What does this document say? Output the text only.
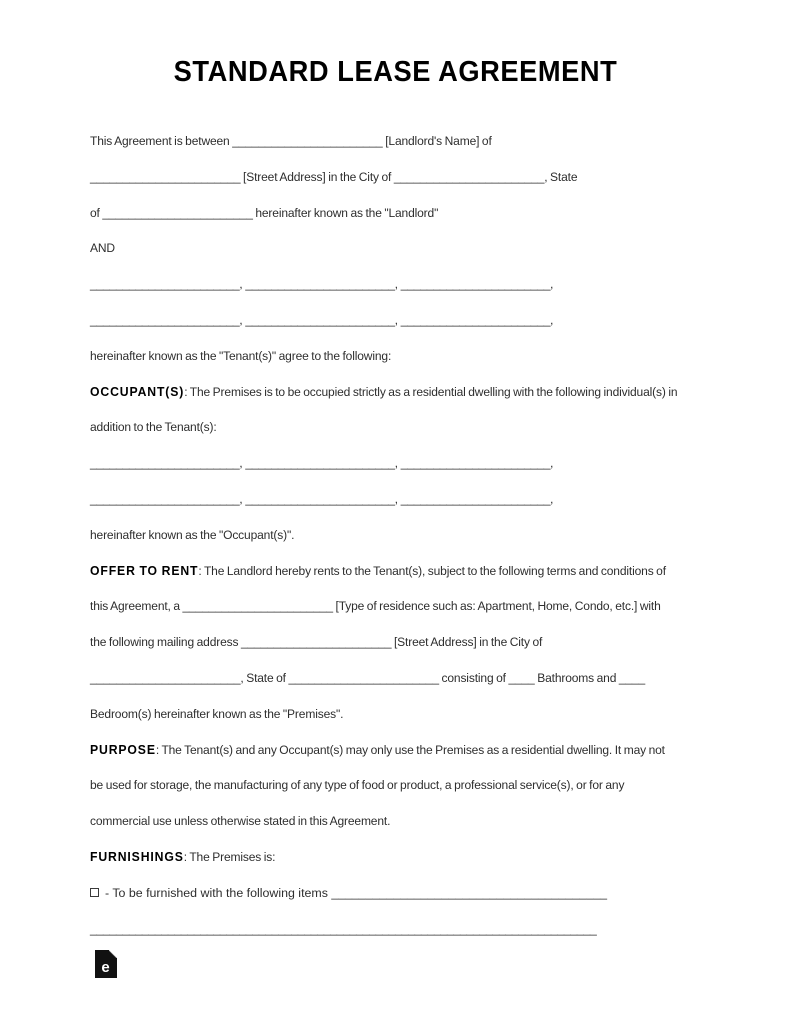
STANDARD LEASE AGREEMENT
This Agreement is between _______________________ [Landlord's Name] of
_______________________ [Street Address] in the City of _______________________, State
of _______________________ hereinafter known as the "Landlord"
AND
_______________________, _______________________, _______________________,
_______________________, _______________________, _______________________,
hereinafter known as the "Tenant(s)" agree to the following:
OCCUPANT(S): The Premises is to be occupied strictly as a residential dwelling with the following individual(s) in addition to the Tenant(s):
_______________________, _______________________, _______________________,
_______________________, _______________________, _______________________,
hereinafter known as the "Occupant(s)".
OFFER TO RENT: The Landlord hereby rents to the Tenant(s), subject to the following terms and conditions of this Agreement, a _______________________ [Type of residence such as: Apartment, Home, Condo, etc.] with the following mailing address _______________________ [Street Address] in the City of _______________________, State of _______________________ consisting of ____ Bathrooms and ____ Bedroom(s) hereinafter known as the "Premises".
PURPOSE: The Tenant(s) and any Occupant(s) may only use the Premises as a residential dwelling. It may not be used for storage, the manufacturing of any type of food or product, a professional service(s), or for any commercial use unless otherwise stated in this Agreement.
FURNISHINGS: The Premises is:
- To be furnished with the following items ________________________________________
______________________________________________________________________________
e
